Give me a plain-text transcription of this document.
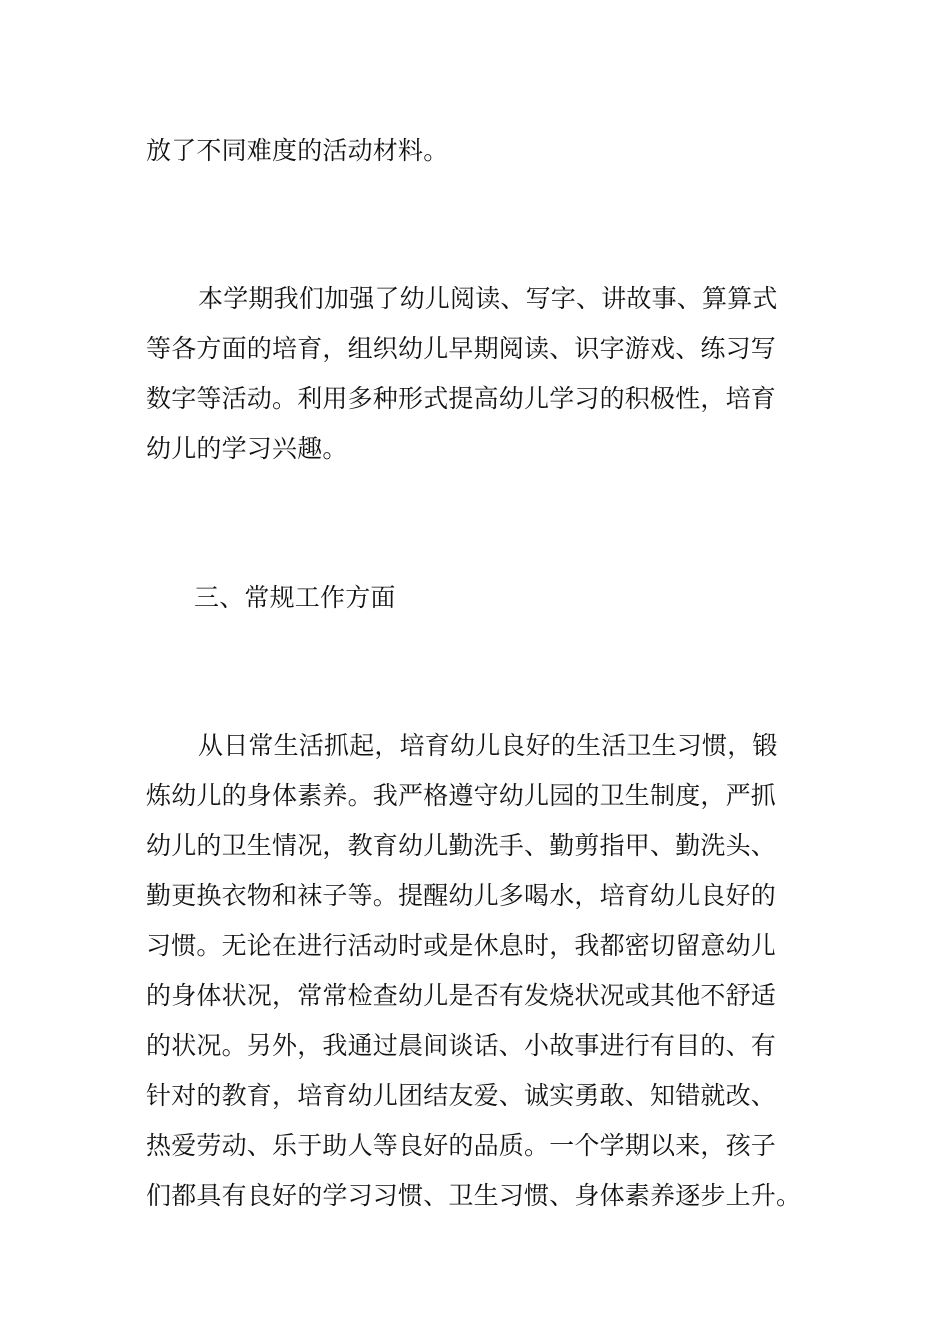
放了不同难度的活动材料。
本学期我们加强了幼儿阅读、写字、讲故事、算算式
等各方面的培育，组织幼儿早期阅读、识字游戏、练习写
数字等活动。利用多种形式提高幼儿学习的积极性，培育
幼儿的学习兴趣。
三、常规工作方面
从日常生活抓起，培育幼儿良好的生活卫生习惯，锻
炼幼儿的身体素养。我严格遵守幼儿园的卫生制度，严抓
幼儿的卫生情况，教育幼儿勤洗手、勤剪指甲、勤洗头、
勤更换衣物和袜子等。提醒幼儿多喝水，培育幼儿良好的
习惯。无论在进行活动时或是休息时，我都密切留意幼儿
的身体状况，常常检查幼儿是否有发烧状况或其他不舒适
的状况。另外，我通过晨间谈话、小故事进行有目的、有
针对的教育，培育幼儿团结友爱、诚实勇敢、知错就改、
热爱劳动、乐于助人等良好的品质。一个学期以来，孩子
们都具有良好的学习习惯、卫生习惯、身体素养逐步上升。
